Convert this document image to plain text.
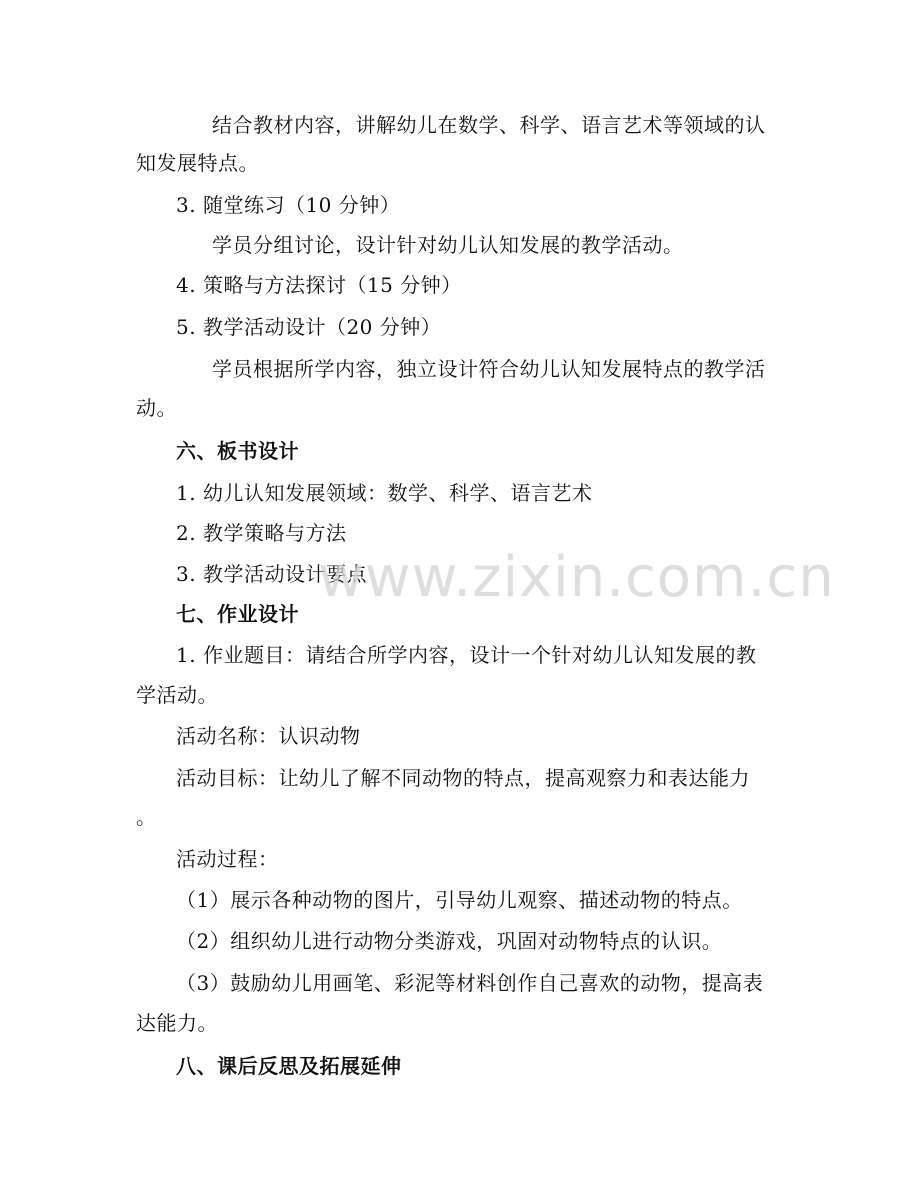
结合教材内容，讲解幼儿在数学、科学、语言艺术等领域的认
知发展特点。
3. 随堂练习（10 分钟）
学员分组讨论，设计针对幼儿认知发展的教学活动。
4. 策略与方法探讨（15 分钟）
5. 教学活动设计（20 分钟）
学员根据所学内容，独立设计符合幼儿认知发展特点的教学活
动。
六、板书设计
1. 幼儿认知发展领域：数学、科学、语言艺术
2. 教学策略与方法
3. 教学活动设计要点
七、作业设计
1. 作业题目：请结合所学内容，设计一个针对幼儿认知发展的教
学活动。
活动名称：认识动物
活动目标：让幼儿了解不同动物的特点，提高观察力和表达能力
。
活动过程：
（1）展示各种动物的图片，引导幼儿观察、描述动物的特点。
（2）组织幼儿进行动物分类游戏，巩固对动物特点的认识。
（3）鼓励幼儿用画笔、彩泥等材料创作自己喜欢的动物，提高表
达能力。
八、课后反思及拓展延伸
www.zixin.com.cn
